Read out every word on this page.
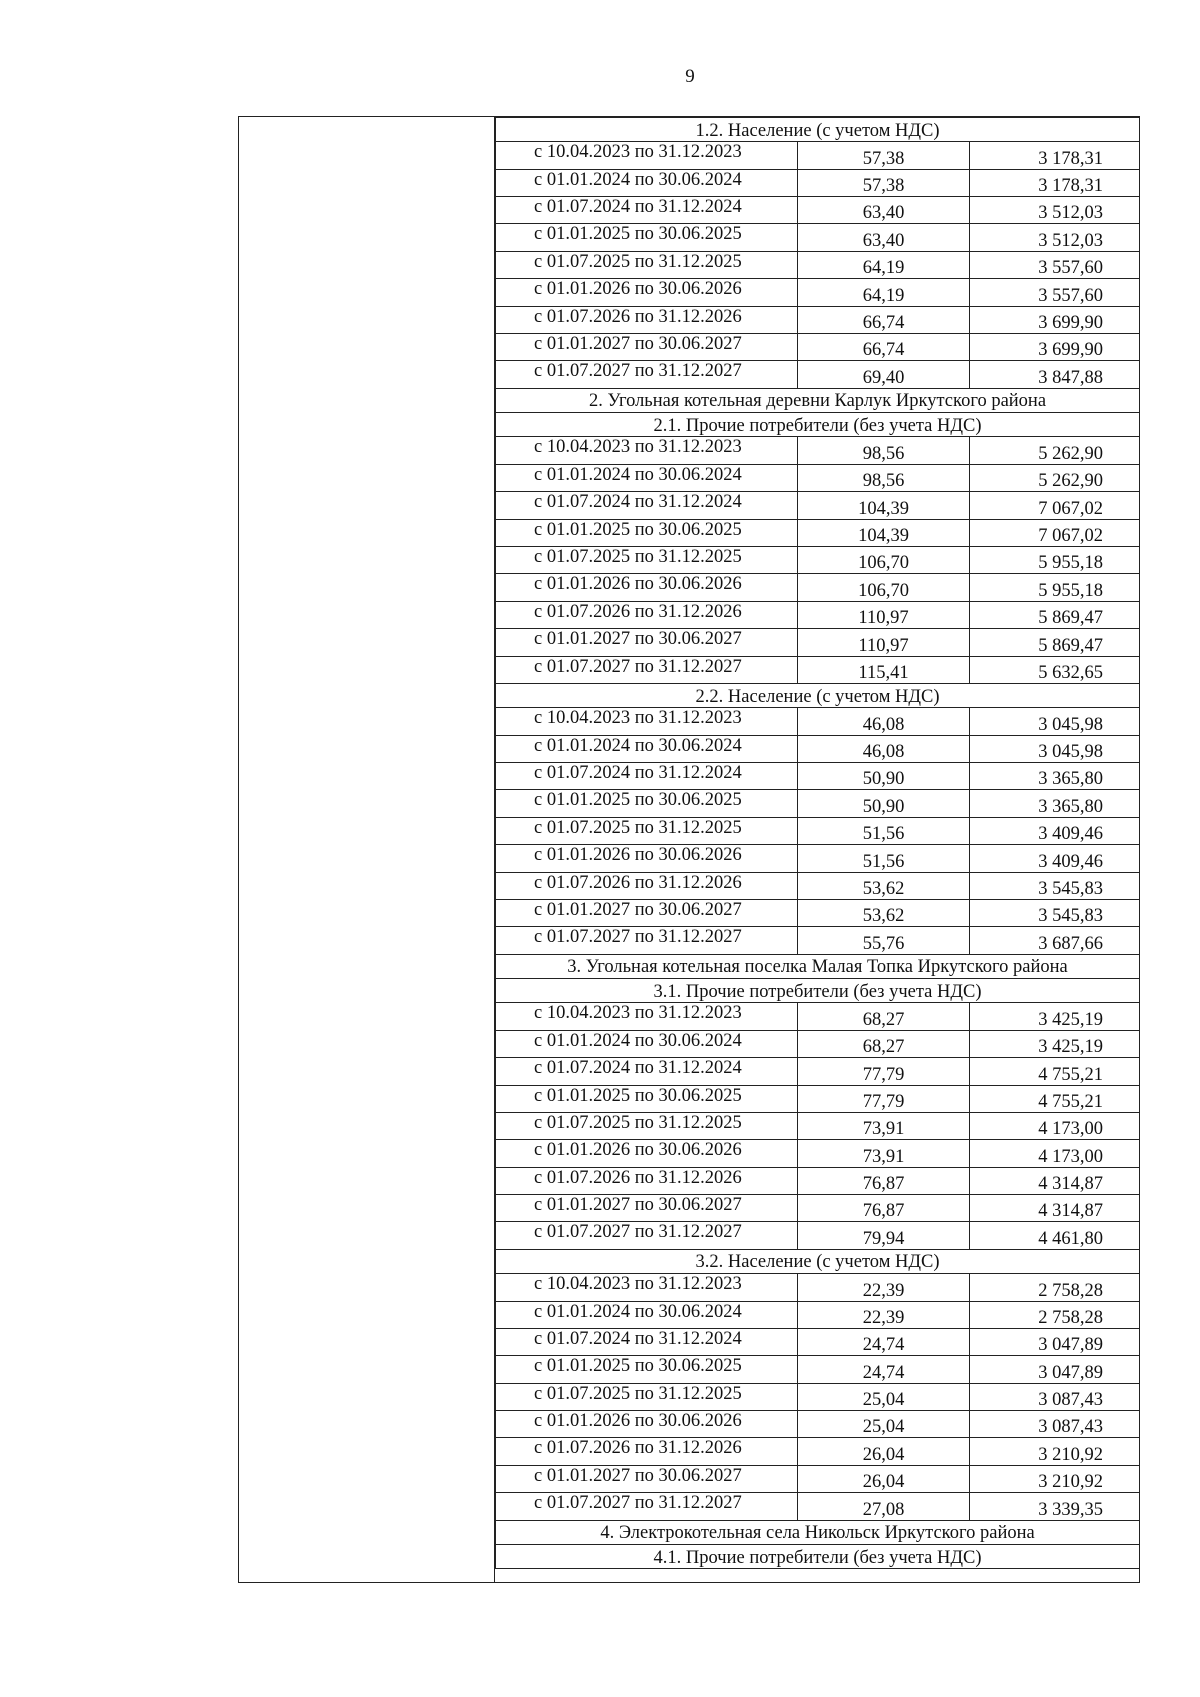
9
1.2. Население (с учетом НДС)		
с 10.04.2023 по 31.12.2023	57,38	3 178,31
с 01.01.2024 по 30.06.2024	57,38	3 178,31
с 01.07.2024 по 31.12.2024	63,40	3 512,03
с 01.01.2025 по 30.06.2025	63,40	3 512,03
с 01.07.2025 по 31.12.2025	64,19	3 557,60
с 01.01.2026 по 30.06.2026	64,19	3 557,60
с 01.07.2026 по 31.12.2026	66,74	3 699,90
с 01.01.2027 по 30.06.2027	66,74	3 699,90
с 01.07.2027 по 31.12.2027	69,40	3 847,88
2. Угольная котельная деревни Карлук Иркутского района		
2.1. Прочие потребители (без учета НДС)		
с 10.04.2023 по 31.12.2023	98,56	5 262,90
с 01.01.2024 по 30.06.2024	98,56	5 262,90
с 01.07.2024 по 31.12.2024	104,39	7 067,02
с 01.01.2025 по 30.06.2025	104,39	7 067,02
с 01.07.2025 по 31.12.2025	106,70	5 955,18
с 01.01.2026 по 30.06.2026	106,70	5 955,18
с 01.07.2026 по 31.12.2026	110,97	5 869,47
с 01.01.2027 по 30.06.2027	110,97	5 869,47
с 01.07.2027 по 31.12.2027	115,41	5 632,65
2.2. Население (с учетом НДС)		
с 10.04.2023 по 31.12.2023	46,08	3 045,98
с 01.01.2024 по 30.06.2024	46,08	3 045,98
с 01.07.2024 по 31.12.2024	50,90	3 365,80
с 01.01.2025 по 30.06.2025	50,90	3 365,80
с 01.07.2025 по 31.12.2025	51,56	3 409,46
с 01.01.2026 по 30.06.2026	51,56	3 409,46
с 01.07.2026 по 31.12.2026	53,62	3 545,83
с 01.01.2027 по 30.06.2027	53,62	3 545,83
с 01.07.2027 по 31.12.2027	55,76	3 687,66
3. Угольная котельная поселка Малая Топка Иркутского района		
3.1. Прочие потребители (без учета НДС)		
с 10.04.2023 по 31.12.2023	68,27	3 425,19
с 01.01.2024 по 30.06.2024	68,27	3 425,19
с 01.07.2024 по 31.12.2024	77,79	4 755,21
с 01.01.2025 по 30.06.2025	77,79	4 755,21
с 01.07.2025 по 31.12.2025	73,91	4 173,00
с 01.01.2026 по 30.06.2026	73,91	4 173,00
с 01.07.2026 по 31.12.2026	76,87	4 314,87
с 01.01.2027 по 30.06.2027	76,87	4 314,87
с 01.07.2027 по 31.12.2027	79,94	4 461,80
3.2. Население (с учетом НДС)		
с 10.04.2023 по 31.12.2023	22,39	2 758,28
с 01.01.2024 по 30.06.2024	22,39	2 758,28
с 01.07.2024 по 31.12.2024	24,74	3 047,89
с 01.01.2025 по 30.06.2025	24,74	3 047,89
с 01.07.2025 по 31.12.2025	25,04	3 087,43
с 01.01.2026 по 30.06.2026	25,04	3 087,43
с 01.07.2026 по 31.12.2026	26,04	3 210,92
с 01.01.2027 по 30.06.2027	26,04	3 210,92
с 01.07.2027 по 31.12.2027	27,08	3 339,35
4. Электрокотельная села Никольск Иркутского района		
4.1. Прочие потребители (без учета НДС)		
